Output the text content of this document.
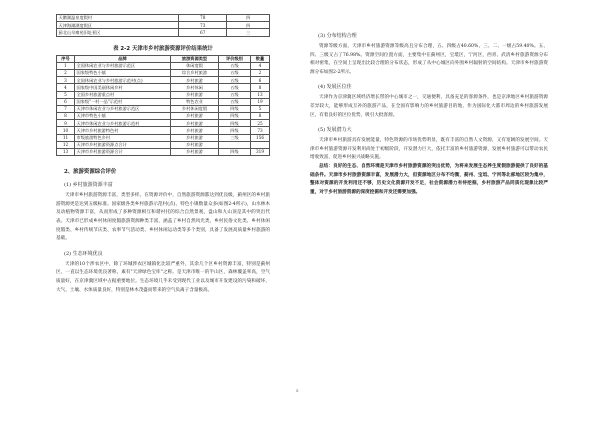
天鹅湖温泉度假村	78	四
天津海湖湖度假区	73	四
蓟北山早雍苑旧址景区	67	三
表 2-2 天津市乡村旅游资源评价结果统计
序号	品牌	旅游资源类型	评价级别	数量
1	全国休闲农业与乡村旅游示范区	休闲度假	五级	4
2	国家级特色小镇	综合乡村旅游	五级	2
3	全国休闲农业与乡村旅游示范村(点)	乡村旅游	五级	6
4	国家级中国美丽休闲乡村	乡村休闲	五级	8
5	全国乡村旅游重点村	乡村旅游	五级	13
6	国家级"一村一品"示范村	特色农业	五级	19
7	天津市休闲农业与乡村旅游示范区	乡村休闲度假	四级	5
8	天津市特色小镇	乡村旅游	四级	8
9	天津市休闲农业与乡村旅游示范村	乡村旅游	四级	25
10	天津市乡村旅游特色村	乡村旅游	四级	73
11	市级旅游特色乡村	乡村旅游	三级	156
12	天津市乡村旅游资源点合计	乡村旅游		
13	天津市乡村旅游资源合计	乡村旅游	四级	319
2、旅游资源综合评价
(1) 乡村旅游资源丰富

天津市乡村旅游资源丰富，类型多样。在资源评价中，自然旅游资源都达到优良级，蓟州区的乡村旅游资源更是达到五级标准。国家级各类乡村旅游示范村(点)、特色小镇数量众多(如图2-4所示)，山水林木及动植物资源丰富，从而形成了多种资源相互和谐衬托的综合自然景观，盘山和九山顶是其中的突出代表。天津市已形成乡村休闲度假旅游资源种类丰富，涵盖了乡村自然风光类、乡村民俗文化类、乡村休闲度假类、乡村传统节庆类、农事节气活动类、乡村休闲运动类等多个类别，具备了发展高质量乡村旅游的基础。

(2) 生态环境优良

天津的10个涉农区中，除了环城涉农区城镇化比较严重外，其余几个区乡村资源丰富，特别是蓟州区，一直以生态环境优良著称，素有"天津绿色宝库"之称。是天津市唯一的半山区，森林覆盖率高，空气质量好，在京津冀区域中占据重要地位。生态环境几乎未受到现代工业以及城市开发建设的污染和破坏，大气、土壤、水体质量良好，特别是林木茂盛而带来的空气负离子含量极高。

(3) 分布结构合理

资源等级方面，天津市乡村旅游资源等级高且分布合理，五、四级占40.60%，三、二、一级占59.40%。五、四、三级又占了76.98%。资源空间位置方面，主要集中在蓟州区，宝坻区，宁河区，西青、武清乡村旅游资源分布相对密集，在空间上呈现出比较合理的分布状态，形成了从中心城区向外围乡村辐射的空间结构。天津市乡村旅游资源分布如图2-2所示。

(4) 发展区位佳

天津作为京津冀区域经济增长带的中心城市之一，交通便利，具备充足的客源条件，也是京津地区乡村旅游资源差异较大，能够形成互补的旅游产品，在全国有影响力的乡村旅游目的地，作为国际化大都市周边的乡村旅游发展区，有着良好的区位优势，吸引大批客源。

(5) 发展潜力大

天津市乡村旅游具有发展能量，特色资源的市场优势明显，既有丰富的自然人文资源，又有宽阔的发展空间。天津市乡村旅游资源开发利用尚处于初级阶段，开发潜力巨大，依托丰富的乡村旅游资源，发展乡村旅游可以带动农民增收致富，促进乡村振兴战略实施。

总结：良好的生态、自然环境是天津市乡村旅游资源的突出优势，为将来发展生态养生度假旅游提供了良好的基础条件。天津市乡村旅游资源丰富，发展潜力大，但资源地区分布不均衡，蓟州、宝坻、宁河等北部地区较为集中，整体对资源的开发利用还不够，历史文化资源开发不足，社会资源潜力有待挖掘，乡村旅游产品同质化现象比较严重，对于乡村旅游资源的深度挖掘和开发还需要加强。

5
